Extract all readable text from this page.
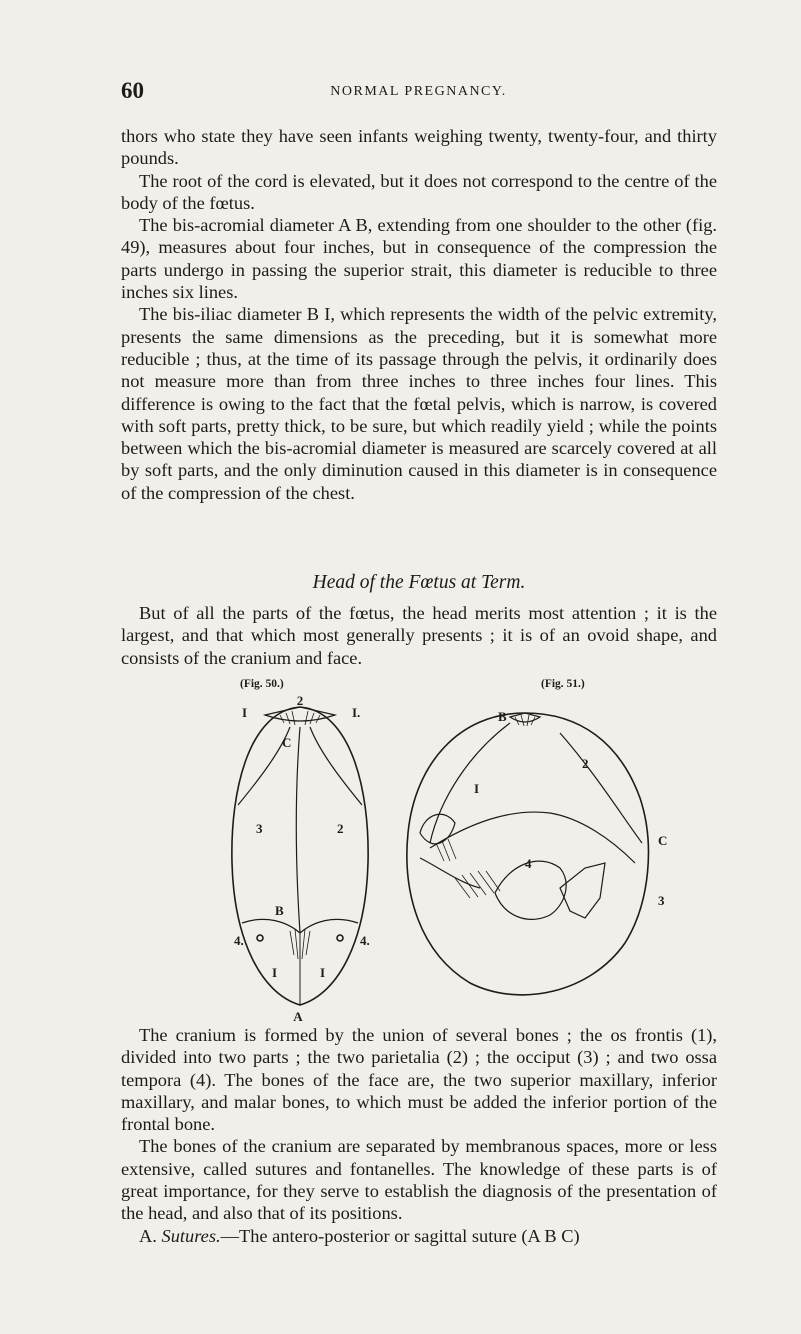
60	NORMAL PREGNANCY.

thors who state they have seen infants weighing twenty, twenty-four, and thirty pounds.

The root of the cord is elevated, but it does not correspond to the centre of the body of the fœtus.

The bis-acromial diameter A B, extending from one shoulder to the other (fig. 49), measures about four inches, but in consequence of the compression the parts undergo in passing the superior strait, this diameter is reducible to three inches six lines.

The bis-iliac diameter B I, which represents the width of the pelvic extremity, presents the same dimensions as the preceding, but it is somewhat more reducible ; thus, at the time of its passage through the pelvis, it ordinarily does not measure more than from three inches to three inches four lines. This difference is owing to the fact that the fœtal pelvis, which is narrow, is covered with soft parts, pretty thick, to be sure, but which readily yield ; while the points between which the bis-acromial diameter is measured are scarcely covered at all by soft parts, and the only diminution caused in this diameter is in consequence of the compression of the chest.

Head of the Fœtus at Term.

But of all the parts of the fœtus, the head merits most attention ; it is the largest, and that which most generally presents ; it is of an ovoid shape, and consists of the cranium and face.

(Fig. 50.)	(Fig. 51.)
2
I	I.
C
3	2
B
4.	4.
I	I
A
B
I
2
C
4
3

The cranium is formed by the union of several bones ; the os frontis (1), divided into two parts ; the two parietalia (2) ; the occiput (3) ; and two ossa tempora (4). The bones of the face are, the two superior maxillary, inferior maxillary, and malar bones, to which must be added the inferior portion of the frontal bone.

The bones of the cranium are separated by membranous spaces, more or less extensive, called sutures and fontanelles. The knowledge of these parts is of great importance, for they serve to establish the diagnosis of the presentation of the head, and also that of its positions.

A. Sutures.—The antero-posterior or sagittal suture (A B C)
